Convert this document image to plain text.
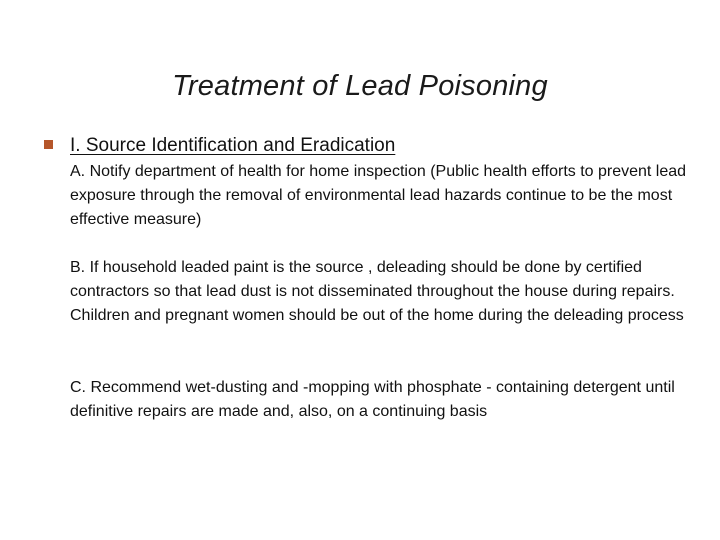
Treatment of Lead Poisoning
I. Source Identification and Eradication
A. Notify department of health for home inspection (Public health efforts to prevent lead exposure through the removal of environmental lead hazards continue to be the most effective measure)
B. If household leaded paint is the source , deleading should be done by certified contractors so that lead dust is not disseminated throughout the house during repairs. Children and pregnant women should be out of the home during the deleading process
C. Recommend wet-dusting and -mopping with phosphate - containing detergent until definitive repairs are made and, also, on a continuing basis
